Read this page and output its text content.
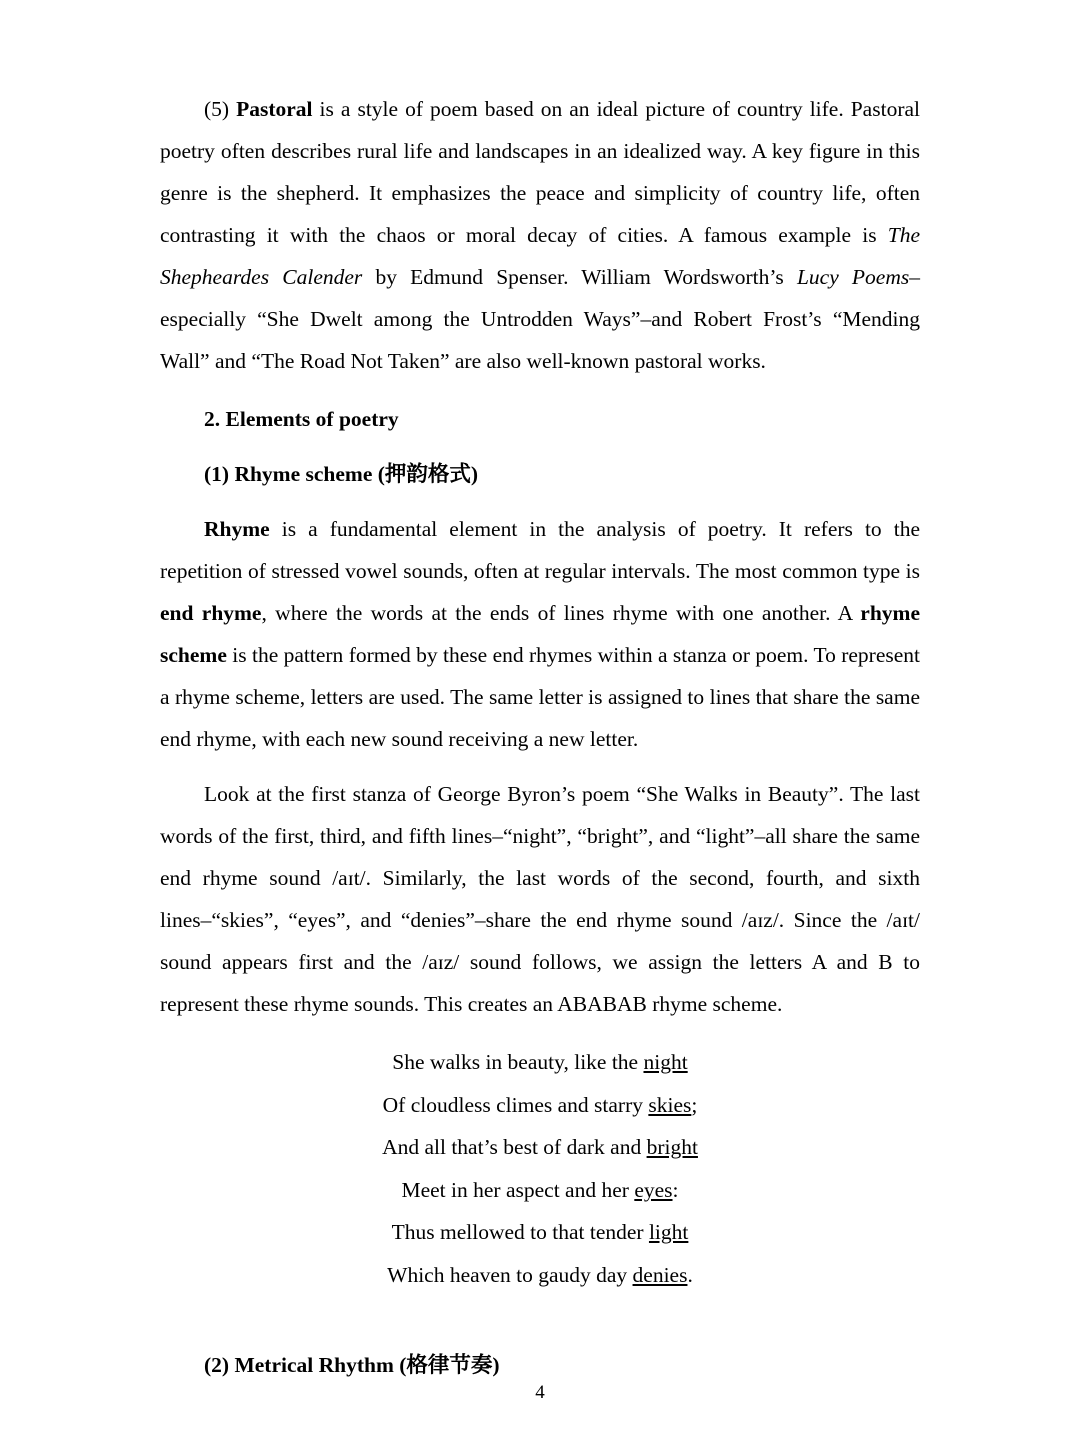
(5) Pastoral is a style of poem based on an ideal picture of country life. Pastoral poetry often describes rural life and landscapes in an idealized way. A key figure in this genre is the shepherd. It emphasizes the peace and simplicity of country life, often contrasting it with the chaos or moral decay of cities. A famous example is The Shepheardes Calender by Edmund Spenser. William Wordsworth’s Lucy Poems–especially “She Dwelt among the Untrodden Ways”–and Robert Frost’s “Mending Wall” and “The Road Not Taken” are also well-known pastoral works.

2. Elements of poetry

(1) Rhyme scheme (押韵格式)

Rhyme is a fundamental element in the analysis of poetry. It refers to the repetition of stressed vowel sounds, often at regular intervals. The most common type is end rhyme, where the words at the ends of lines rhyme with one another. A rhyme scheme is the pattern formed by these end rhymes within a stanza or poem. To represent a rhyme scheme, letters are used. The same letter is assigned to lines that share the same end rhyme, with each new sound receiving a new letter.

Look at the first stanza of George Byron’s poem “She Walks in Beauty”. The last words of the first, third, and fifth lines–“night”, “bright”, and “light”–all share the same end rhyme sound /aɪt/. Similarly, the last words of the second, fourth, and sixth lines–“skies”, “eyes”, and “denies”–share the end rhyme sound /aɪz/. Since the /aɪt/ sound appears first and the /aɪz/ sound follows, we assign the letters A and B to represent these rhyme sounds. This creates an ABABAB rhyme scheme.

She walks in beauty, like the night
Of cloudless climes and starry skies;
And all that’s best of dark and bright
Meet in her aspect and her eyes:
Thus mellowed to that tender light
Which heaven to gaudy day denies.

(2) Metrical Rhythm (格律节奏)

4
